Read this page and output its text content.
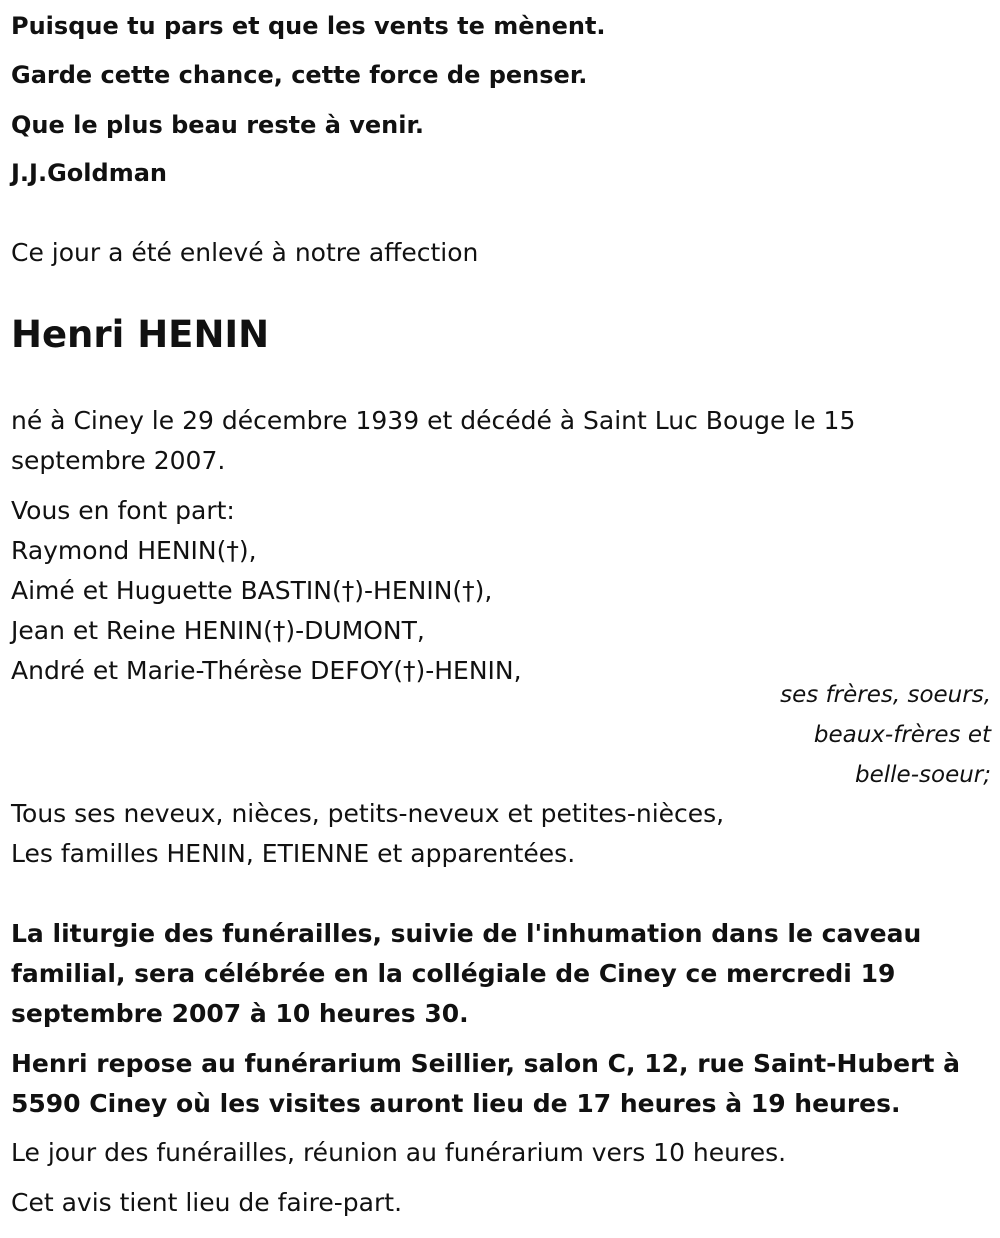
Puisque tu pars et que les vents te mènent.
Garde cette chance, cette force de penser.
Que le plus beau reste à venir.
J.J.Goldman
Ce jour a été enlevé à notre affection
Henri HENIN
né à Ciney le 29 décembre 1939 et décédé à Saint Luc Bouge le 15
septembre 2007.
Vous en font part:
Raymond HENIN(†),
Aimé et Huguette BASTIN(†)-HENIN(†),
Jean et Reine HENIN(†)-DUMONT,
André et Marie-Thérèse DEFOY(†)-HENIN,
ses frères, soeurs,
beaux-frères et
belle-soeur;
Tous ses neveux, nièces, petits-neveux et petites-nièces,
Les familles HENIN, ETIENNE et apparentées.
La liturgie des funérailles, suivie de l'inhumation dans le caveau
familial, sera célébrée en la collégiale de Ciney ce mercredi 19
septembre 2007 à 10 heures 30.
Henri repose au funérarium Seillier, salon C, 12, rue Saint-Hubert à
5590 Ciney où les visites auront lieu de 17 heures à 19 heures.
Le jour des funérailles, réunion au funérarium vers 10 heures.
Cet avis tient lieu de faire-part.
